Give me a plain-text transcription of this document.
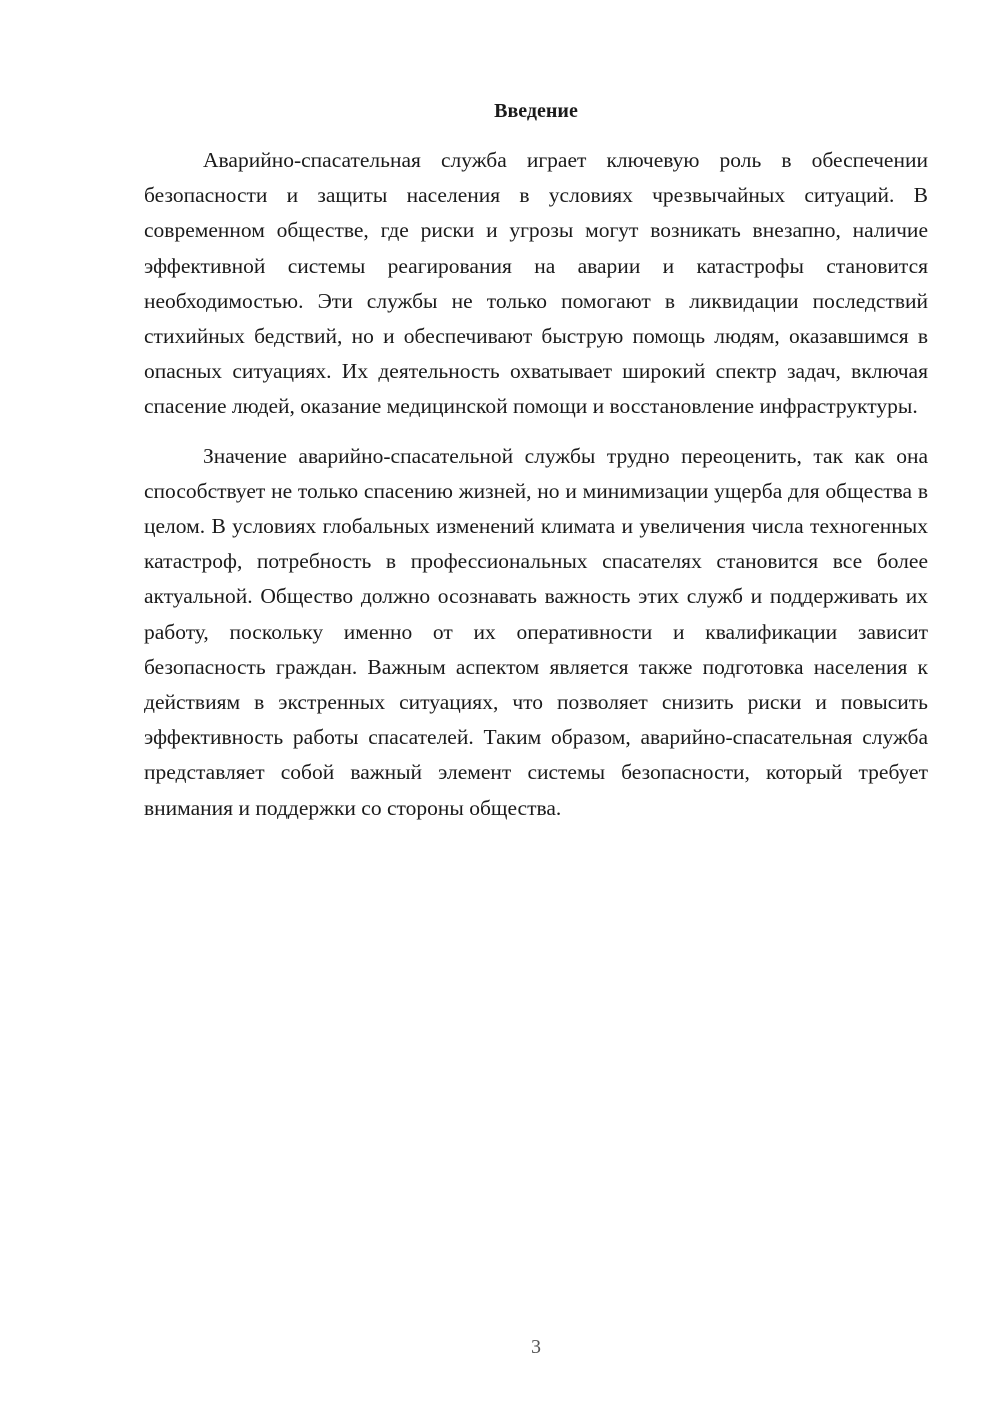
Введение

Аварийно-спасательная служба играет ключевую роль в обеспечении безопасности и защиты населения в условиях чрезвычайных ситуаций. В современном обществе, где риски и угрозы могут возникать внезапно, наличие эффективной системы реагирования на аварии и катастрофы становится необходимостью. Эти службы не только помогают в ликвидации последствий стихийных бедствий, но и обеспечивают быструю помощь людям, оказавшимся в опасных ситуациях. Их деятельность охватывает широкий спектр задач, включая спасение людей, оказание медицинской помощи и восстановление инфраструктуры.

Значение аварийно-спасательной службы трудно переоценить, так как она способствует не только спасению жизней, но и минимизации ущерба для общества в целом. В условиях глобальных изменений климата и увеличения числа техногенных катастроф, потребность в профессиональных спасателях становится все более актуальной. Общество должно осознавать важность этих служб и поддерживать их работу, поскольку именно от их оперативности и квалификации зависит безопасность граждан. Важным аспектом является также подготовка населения к действиям в экстренных ситуациях, что позволяет снизить риски и повысить эффективность работы спасателей. Таким образом, аварийно-спасательная служба представляет собой важный элемент системы безопасности, который требует внимания и поддержки со стороны общества.

3
